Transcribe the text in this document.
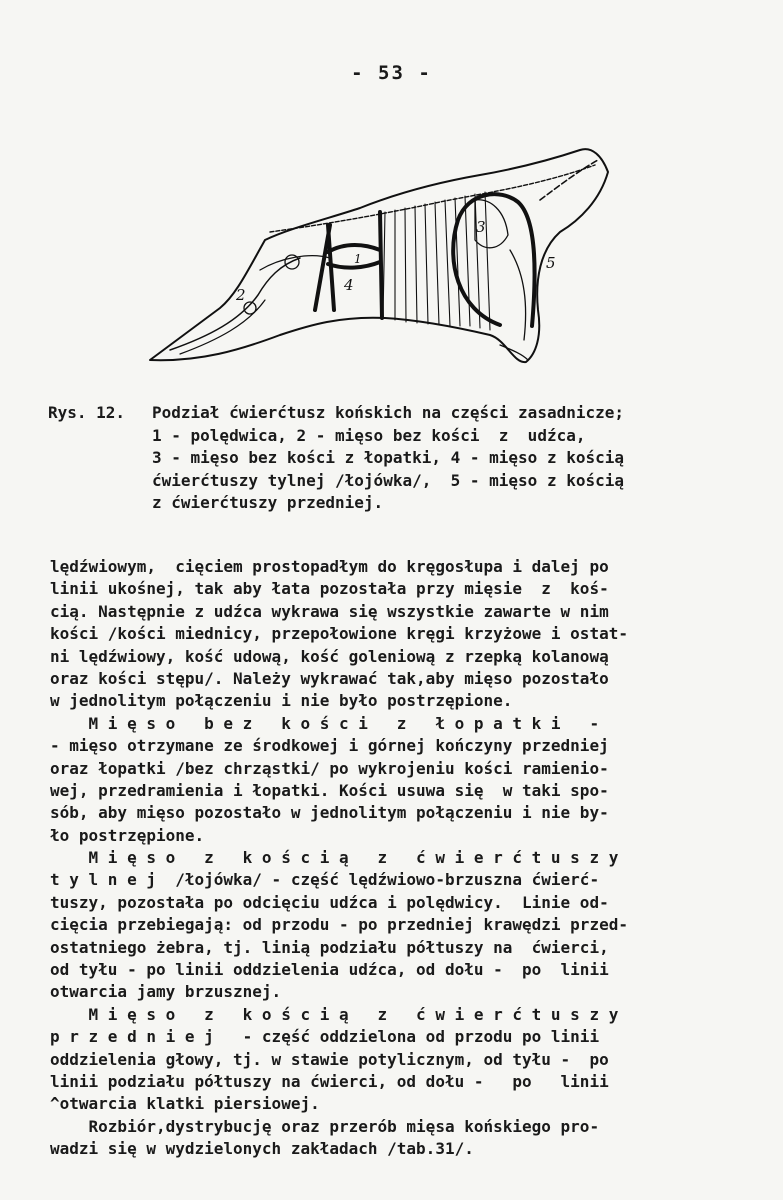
- 53 -
1
2
3
4
5
Rys. 12. Podział ćwierćtusz końskich na części zasadnicze;
1 - polędwica, 2 - mięso bez kości  z  udźca,
3 - mięso bez kości z łopatki, 4 - mięso z kością
ćwierćtuszy tylnej /łojówka/,  5 - mięso z kością
z ćwierćtuszy przedniej.
lędźwiowym,  cięciem prostopadłym do kręgosłupa i dalej po
linii ukośnej, tak aby łata pozostała przy mięsie  z  koś-
cią. Następnie z udźca wykrawa się wszystkie zawarte w nim
kości /kości miednicy, przepołowione kręgi krzyżowe i ostat-
ni lędźwiowy, kość udową, kość goleniową z rzepką kolanową
oraz kości stępu/. Należy wykrawać tak,aby mięso pozostało
w jednolitym połączeniu i nie było postrzępione.
M i ę s o   b e z   k o ś c i   z   ł o p a t k i   -
- mięso otrzymane ze środkowej i górnej kończyny przedniej
oraz łopatki /bez chrząstki/ po wykrojeniu kości ramienio-
wej, przedramienia i łopatki. Kości usuwa się  w taki spo-
sób, aby mięso pozostało w jednolitym połączeniu i nie by-
ło postrzępione.
M i ę s o   z   k o ś c i ą   z   ć w i e r ć t u s z y
t y l n e j  /łojówka/ - część lędźwiowo-brzuszna ćwierć-
tuszy, pozostała po odcięciu udźca i polędwicy.  Linie od-
cięcia przebiegają: od przodu - po przedniej krawędzi przed-
ostatniego żebra, tj. linią podziału półtuszy na  ćwierci,
od tyłu - po linii oddzielenia udźca, od dołu -  po  linii
otwarcia jamy brzusznej.
M i ę s o   z   k o ś c i ą   z   ć w i e r ć t u s z y
p r z e d n i e j   - część oddzielona od przodu po linii
oddzielenia głowy, tj. w stawie potylicznym, od tyłu -  po
linii podziału półtuszy na ćwierci, od dołu -   po   linii
^otwarcia klatki piersiowej.
Rozbiór,dystrybucję oraz przerób mięsa końskiego pro-
wadzi się w wydzielonych zakładach /tab.31/.
